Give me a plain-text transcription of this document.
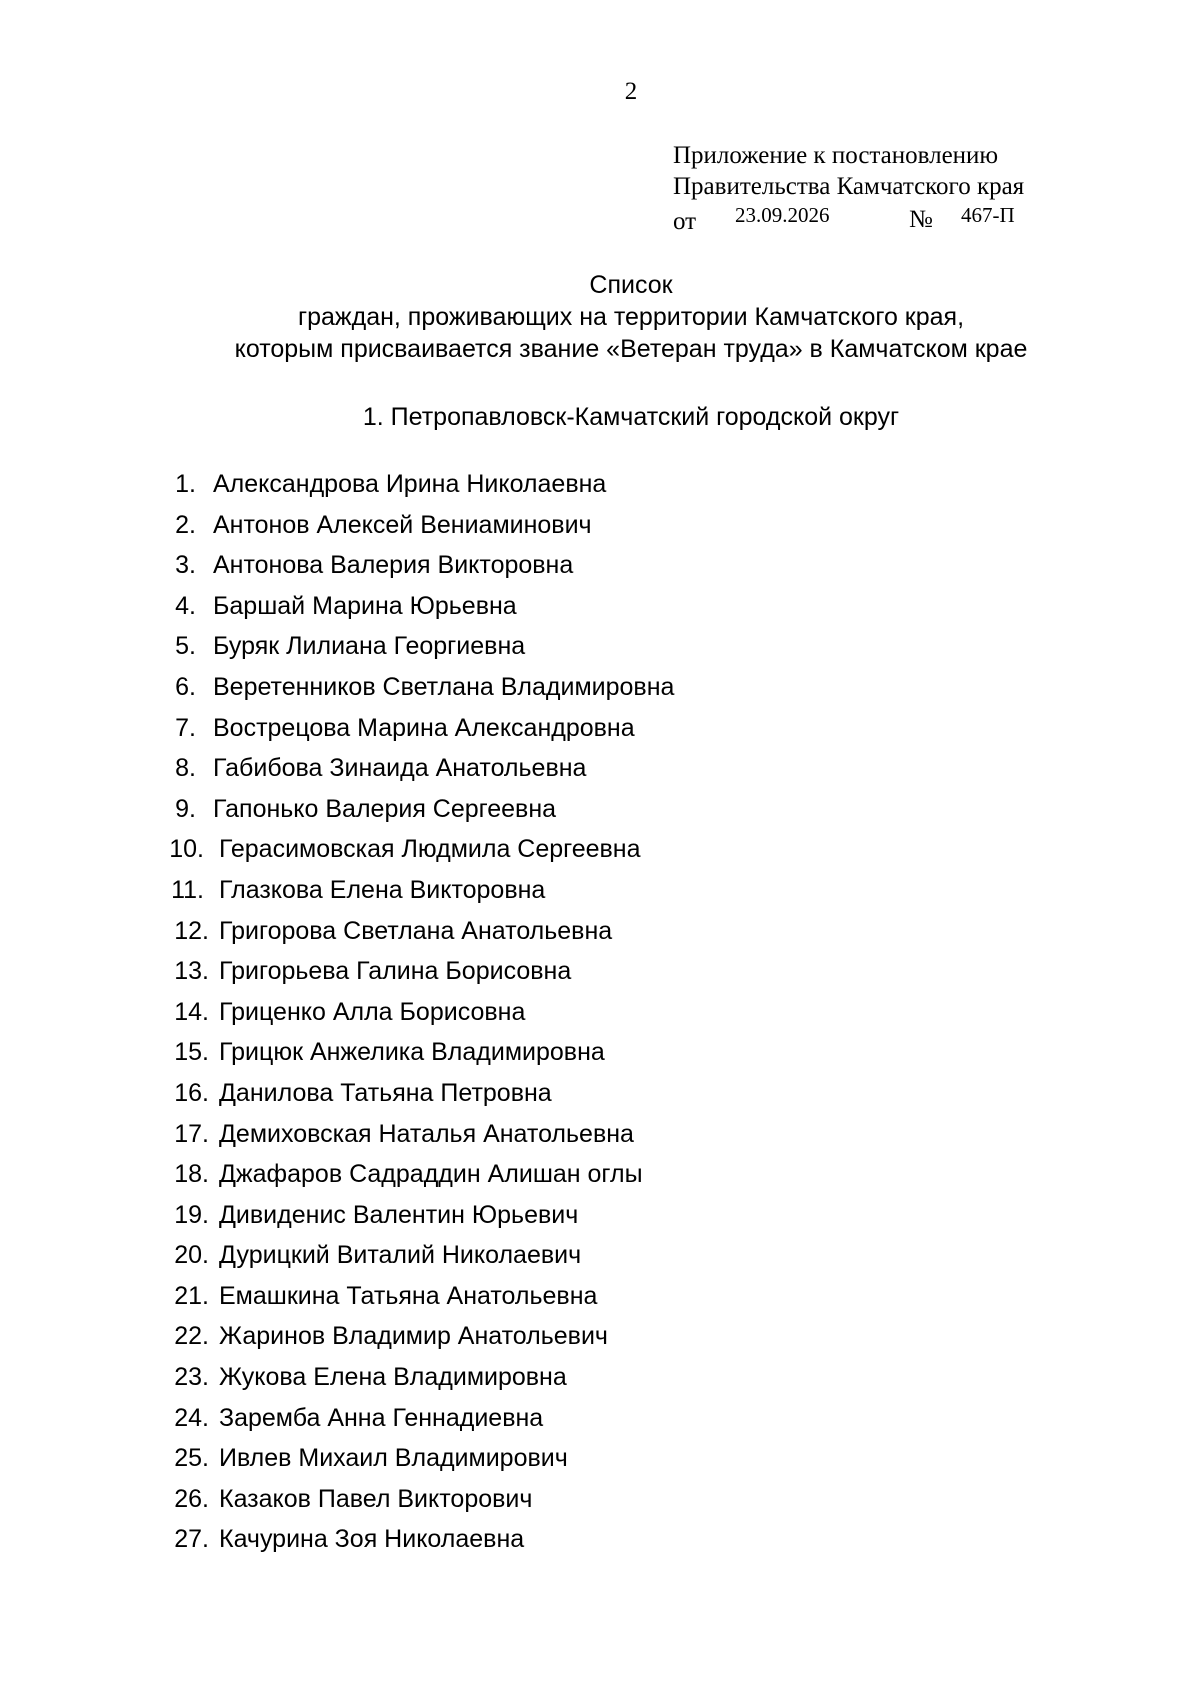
2
Приложение к постановлению
Правительства Камчатского края
от 23.09.2026	№ 467-П
Список
граждан, проживающих на территории Камчатского края,
которым присваивается звание «Ветеран труда» в Камчатском крае
1. Петропавловск-Камчатский городской округ
1. Александрова Ирина Николаевна
2. Антонов Алексей Вениаминович
3. Антонова Валерия Викторовна
4. Баршай Марина Юрьевна
5. Буряк Лилиана Георгиевна
6. Веретенников Светлана Владимировна
7. Вострецова Марина Александровна
8. Габибова Зинаида Анатольевна
9. Гапонько Валерия Сергеевна
10. Герасимовская Людмила Сергеевна
11. Глазкова Елена Викторовна
12. Григорова Светлана Анатольевна
13. Григорьева Галина Борисовна
14. Гриценко Алла Борисовна
15. Грицюк Анжелика Владимировна
16. Данилова Татьяна Петровна
17. Демиховская Наталья Анатольевна
18. Джафаров Садраддин Алишан оглы
19. Дивиденис Валентин Юрьевич
20. Дурицкий Виталий Николаевич
21. Емашкина Татьяна Анатольевна
22. Жаринов Владимир Анатольевич
23. Жукова Елена Владимировна
24. Заремба Анна Геннадиевна
25. Ивлев Михаил Владимирович
26. Казаков Павел Викторович
27. Качурина Зоя Николаевна
